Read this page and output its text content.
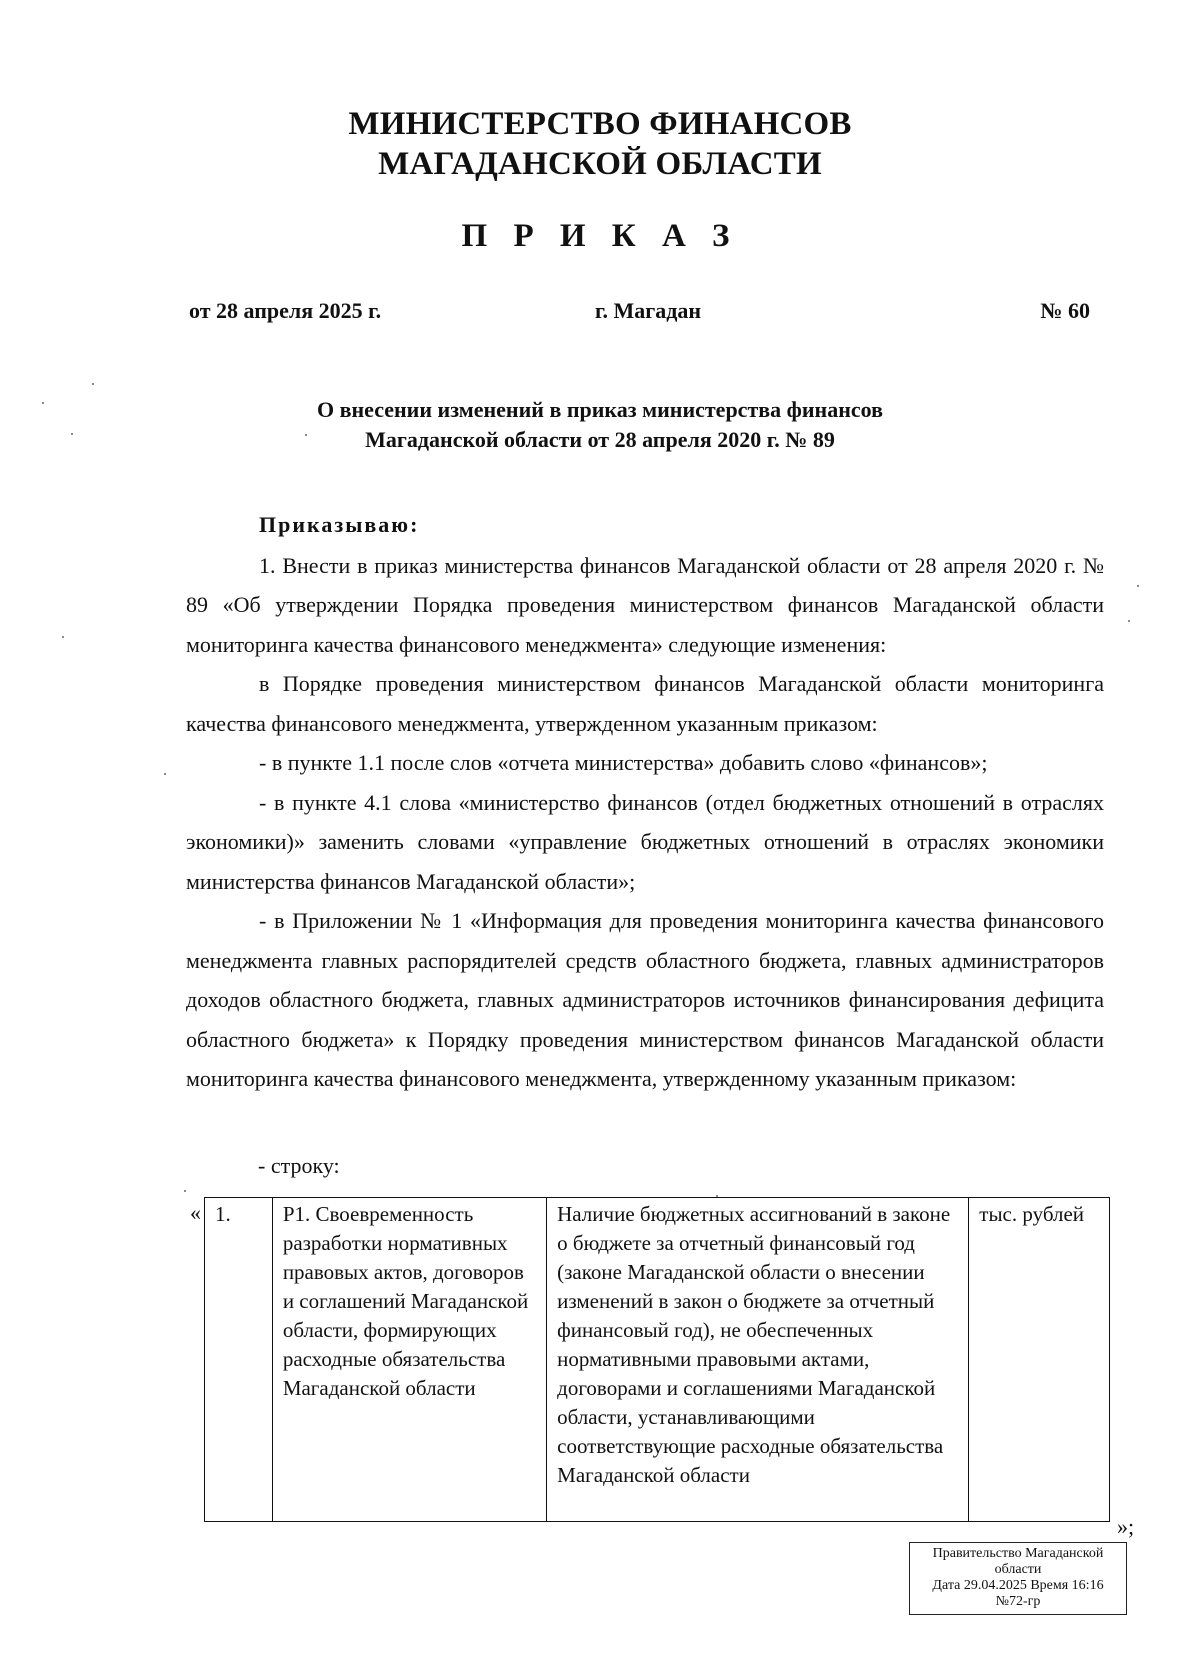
МИНИСТЕРСТВО ФИНАНСОВ
МАГАДАНСКОЙ ОБЛАСТИ
П Р И К А З
от 28 апреля 2025 г.	г. Магадан	№ 60
О внесении изменений в приказ министерства финансов
Магаданской области от 28 апреля 2020 г. № 89

Приказываю:

1. Внести в приказ министерства финансов Магаданской области от 28 апреля 2020 г. № 89 «Об утверждении Порядка проведения министерством финансов Магаданской области мониторинга качества финансового менеджмента» следующие изменения:

в Порядке проведения министерством финансов Магаданской области мониторинга качества финансового менеджмента, утвержденном указанным приказом:

- в пункте 1.1 после слов «отчета министерства» добавить слово «финансов»;

- в пункте 4.1 слова «министерство финансов (отдел бюджетных отношений в отраслях экономики)» заменить словами «управление бюджетных отношений в отраслях экономики министерства финансов Магаданской области»;

- в Приложении № 1 «Информация для проведения мониторинга качества финансового менеджмента главных распорядителей средств областного бюджета, главных администраторов доходов областного бюджета, главных администраторов источников финансирования дефицита областного бюджета» к Порядку проведения министерством финансов Магаданской области мониторинга качества финансового менеджмента, утвержденному указанным приказом:

- строку:
« 1.	Р1. Своевременность разработки нормативных правовых актов, договоров и соглашений Магаданской области, формирующих расходные обязательства Магаданской области	Наличие бюджетных ассигнований в законе о бюджете за отчетный финансовый год (законе Магаданской области о внесении изменений в закон о бюджете за отчетный финансовый год), не обеспеченных нормативными правовыми актами, договорами и соглашениями Магаданской области, устанавливающими соответствующие расходные обязательства Магаданской области	тыс. рублей
»;
Правительство Магаданской
области
Дата 29.04.2025 Время 16:16
№72-гр
